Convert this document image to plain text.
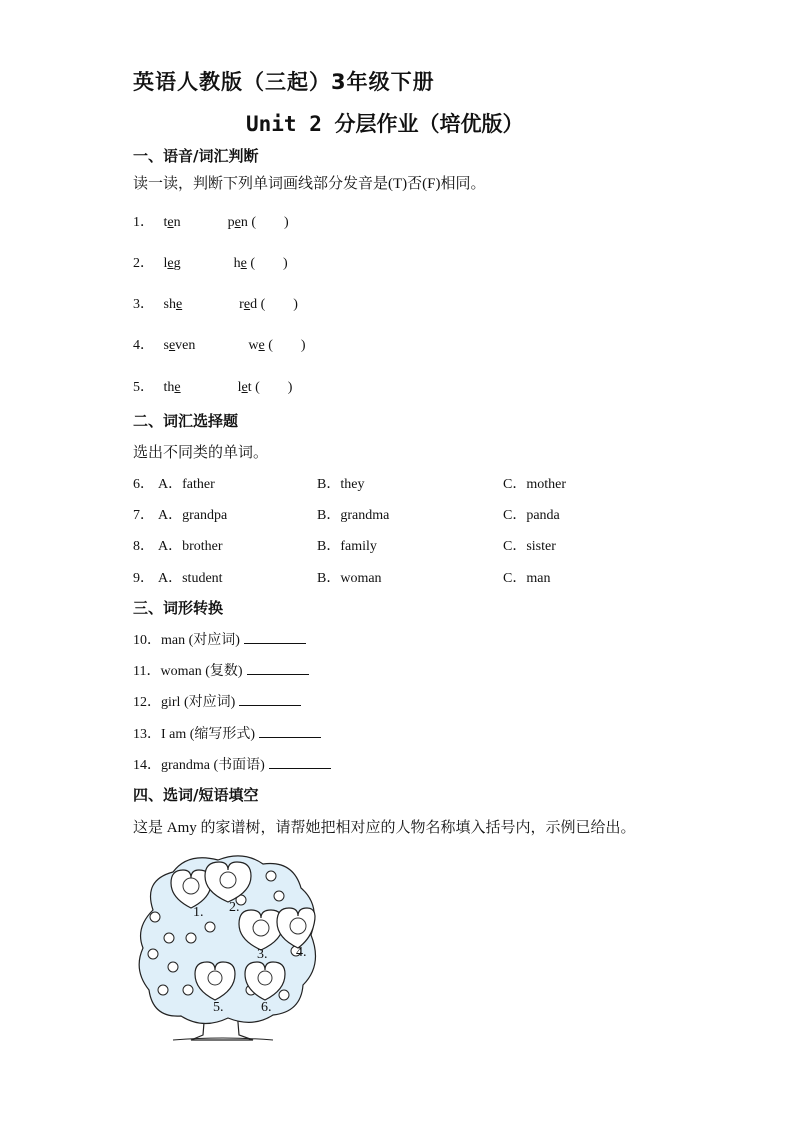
英语人教版（三起）3年级下册
Unit 2 分层作业（培优版）
一、语音/词汇判断
读一读，判断下列单词画线部分发音是(T)否(F)相同。
1． ten	pen (　　)
2． leg	he (　　)
3． she	red (　　)
4． seven	we (　　)
5． the	let (　　)
二、词汇选择题
选出不同类的单词。
6． A．father	B．they	C．mother
7． A．grandpa	B．grandma	C．panda
8． A．brother	B．family	C．sister
9． A．student	B．woman	C．man
三、词形转换
10．man (对应词)
11．woman (复数)
12．girl (对应词)
13．I am (缩写形式)
14．grandma (书面语)
四、选词/短语填空
这是 Amy 的家谱树，请帮她把相对应的人物名称填入括号内，示例已给出。
1. 2.
3. 4.
5.	6.
